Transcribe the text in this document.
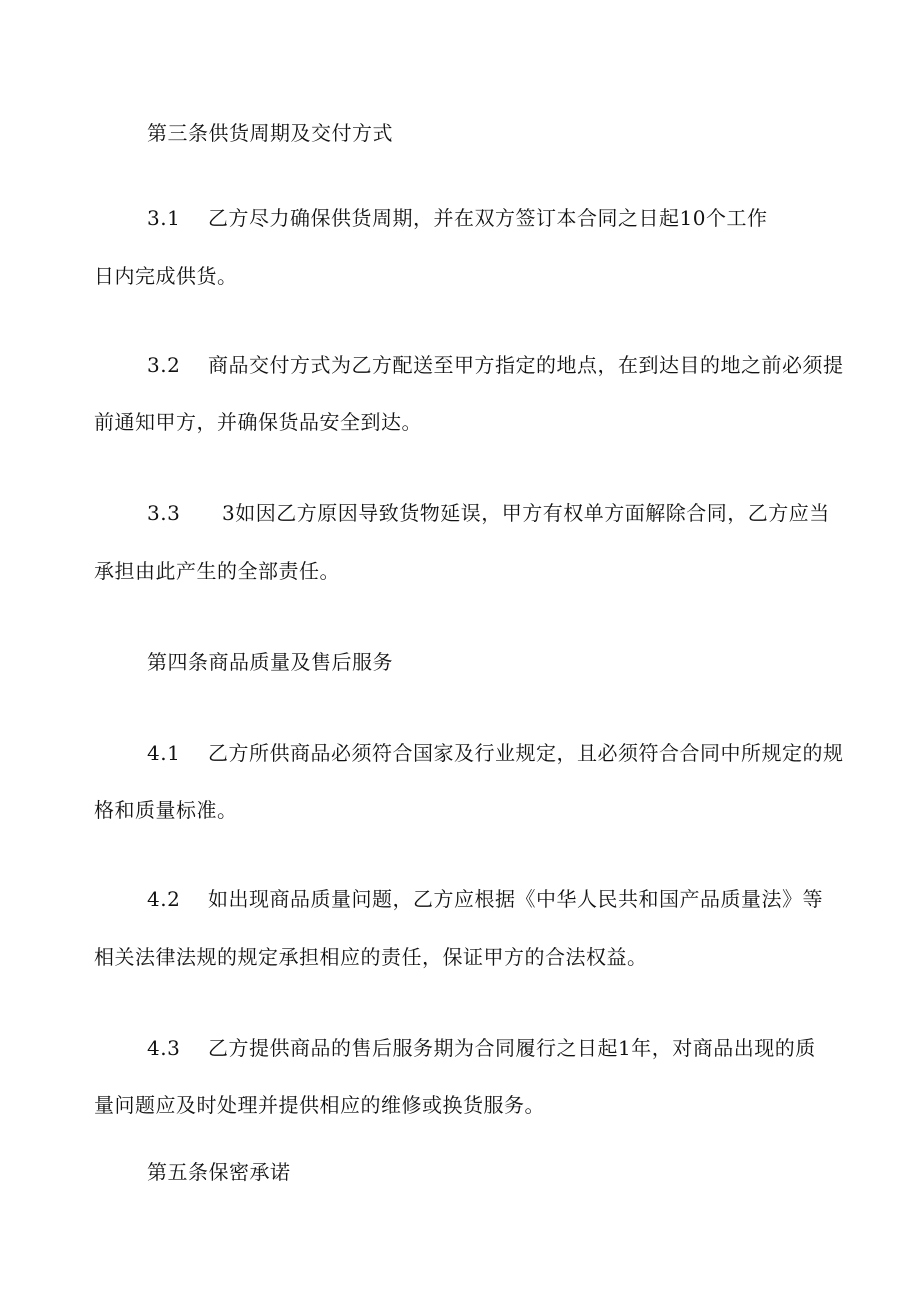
第三条供货周期及交付方式
3.1 乙方尽力确保供货周期，并在双方签订本合同之日起10个工作
日内完成供货。
3.2 商品交付方式为乙方配送至甲方指定的地点，在到达目的地之前必须提
前通知甲方，并确保货品安全到达。
3.3 3如因乙方原因导致货物延误，甲方有权单方面解除合同，乙方应当
承担由此产生的全部责任。
第四条商品质量及售后服务
4.1 乙方所供商品必须符合国家及行业规定，且必须符合合同中所规定的规
格和质量标准。
4.2 如出现商品质量问题，乙方应根据《中华人民共和国产品质量法》等
相关法律法规的规定承担相应的责任，保证甲方的合法权益。
4.3 乙方提供商品的售后服务期为合同履行之日起1年，对商品出现的质
量问题应及时处理并提供相应的维修或换货服务。
第五条保密承诺
